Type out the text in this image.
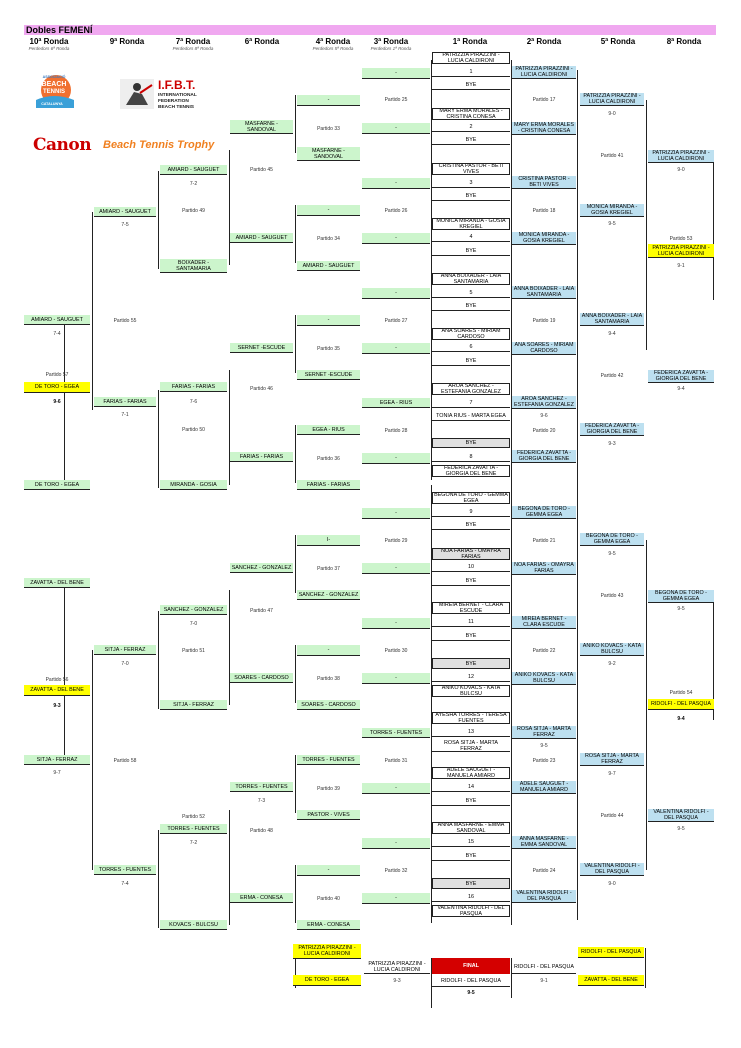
Dobles FEMENÍ
10ª Ronda
Perdedors 6ª Ronda
9ª Ronda	7ª Ronda
Perdedors 8ª Ronda
6ª Ronda	4ª Ronda
Perdedors 5ª Ronda
3ª Ronda
Perdedors 1ª Ronda
1ª Ronda	2ª Ronda	5ª Ronda	8ª Ronda
ASSOCIACIÓ
BEACH
TENNIS
CATALUNYA
I.F.B.T.
INTERNATIONAL
FEDERATION
BEACH TENNIS
Canon Beach Tennis Trophy
PATRIZZIA PIRAZZINI - LUCIA CALDIRONI
1
BYE
-
Partido 25
PATRIZZIA PIRAZZINI - LUCIA CALDIRONI
Partido 17
PATRIZZIA PIRAZZINI - LUCIA CALDIRONI
9-0
-
MASFARNE - SANDOVAL	Partido 33
MARY ERMA MORALES - CRISTINA CONESA
2	MARY ERMA MORALES - CRISTINA CONESA
BYE
-
MASFARNE - SANDOVAL	Partido 41	PATRIZZIA PIRAZZINI - LUCIA CALDIRONI
9-0
AMIARD - SAUGUET
7-2
Partido 45
CRISTINA PASTOR - BETI VIVES
3
CRISTINA PASTOR - BETI VIVES
BYE
-
Partido 26	Partido 18
MONICA MIRANDA - GOSIA KREGIEL
9-5
AMIARD - SAUGUET	Partido 49
7-5
-
MONICA MIRANDA - GOSIA KREGIEL
4	MONICA MIRANDA - GOSIA KREGIEL
AMIARD - SAUGUET	Partido 34	-
BYE
Partido 53
PATRIZZIA PIRAZZINI - LUCIA CALDIRONI
9-1
BOIXADER - SANTAMARIA	AMIARD - SAUGUET
ANNA BOIXADER - LAIA SANTAMARIA
5
ANNA BOIXADER - LAIA SANTAMARIA
BYE
-
Partido 27	Partido 19
ANNA BOIXADER - LAIA SANTAMARIA
9-4
AMIARD - SAUGUET	Partido 55
7-4
-
ANA SOARES - MIRIAM CARDOSO
6	ANA SOARES - MIRIAM CARDOSO
SERNET -ESCUDE	Partido 35	-
BYE
Partido 57	SERNET -ESCUDE	Partido 42	FEDERICA ZAVATTA - GIORGIA DEL BENE
9-4
DE TORO - EGEA
9-6
FARIAS - FARIAS
7-6
Partido 46	AROA SANCHEZ - ESTEFANIA GONZALEZ
7
AROA SANCHEZ - ESTEFANIA GONZALEZ
EGEA - RIUS
TONIA RIUS - MARTA EGEA	9-6
FARIAS - FARIAS
Partido 50
7-1
EGEA - RIUS	Partido 28	Partido 20
FEDERICA ZAVATTA - GIORGIA DEL BENE
9-3
BYE
FARIAS - FARIAS	Partido 36	-	8
FEDERICA ZAVATTA - GIORGIA DEL BENE
FEDERICA ZAVATTA - GIORGIA DEL BENE
DE TORO - EGEA	MIRANDA - GOSIA	FARIAS - FARIAS
BEGOÑA DE TORO - GEMMA EGEA
9	BEGOÑA DE TORO - GEMMA EGEA
BYE
-
I-	Partido 29	Partido 21
BEGOÑA DE TORO - GEMMA EGEA
9-5
NOA FARIAS - OMAYRA FARIAS
10	NOA FARIAS - OMAYRA FARIAS
SANCHEZ - GONZALEZ	Partido 37	-
BYE
ZAVATTA - DEL BENE
SANCHEZ - GONZALEZ	Partido 43	BEGOÑA DE TORO - GEMMA EGEA
9-5
SANCHEZ - GONZALEZ
7-0
Partido 47
MIREIA BERNET - CLARA ESCUDE
11	MIREIA BERNET - CLARA ESCUDE
BYE
-
Partido 30	Partido 22
ANIKO KOVACS - KATA BULCSU
9-2
SITJA - FERRAZ	Partido 51
7-0
-
BYE
12	ANIKO KOVACS - KATA BULCSU
SOARES - CARDOSO	Partido 38	-
ANIKO KOVACS - KATA BULCSU
Partido 56
ZAVATTA - DEL BENE
9-3	SITJA - FERRAZ	SOARES - CARDOSO
Partido 54
RIDOLFI - DEL PASQUA
9-4
AYESHA TORRES - TERESA FUENTES
13
TORRES - FUENTES
ROSA SITJA - MARTA FERRAZ
ROSA SITJA - MARTA FERRAZ	9-5
SITJA - FERRAZ	Partido 58
9-7
TORRES - FUENTES	Partido 31	Partido 23
ROSA SITJA - MARTA FERRAZ
9-7
ADELE SAUGUET - MANUELA AMIARD
14	ADELE SAUGUET - MANUELA AMIARD
TORRES - FUENTES
7-3
Partido 39	-
BYE
Partido 52	PASTOR - VIVES	Partido 44
VALENTINA RIDOLFI - DEL PASQUA
9-5
TORRES - FUENTES
7-2
Partido 48
ANNA MASFARNE - EMMA SANDOVAL
15	ANNA MASFARNE - EMMA SANDOVAL
BYE
-
Partido 32	Partido 24
VALENTINA RIDOLFI - DEL PASQUA
9-0
TORRES - FUENTES
7-4
-
BYE
16
VALENTINA RIDOLFI - DEL PASQUA
ERMA - CONESA	Partido 40	-
VALENTINA RIDOLFI - DEL PASQUA
KOVACS - BULCSU	ERMA - CONESA
PATRIZZIA PIRAZZINI - LUCIA CALDIRONI
DE TORO - EGEA
PATRIZZIA PIRAZZINI - LUCIA CALDIRONI
9-3
FINAL
RIDOLFI - DEL PASQUA
9-5
RIDOLFI - DEL PASQUA
9-1
RIDOLFI - DEL PASQUA
ZAVATTA - DEL BENE
